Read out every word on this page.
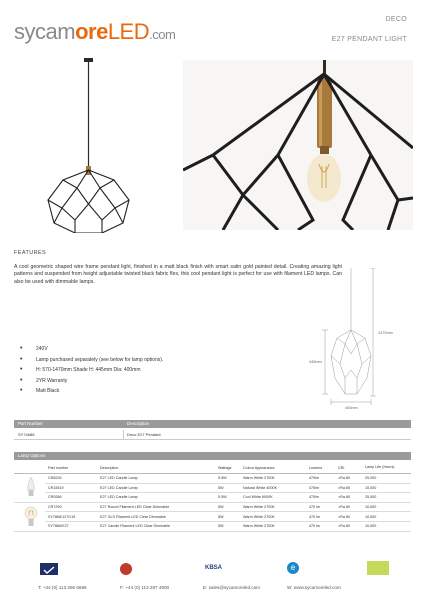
sycamoreLED.com
DECO
E27 PENDANT LIGHT
FEATURES
A cool geometric shaped wire frame pendant light, finished in a matt black finish with smart satin gold painted detail. Creating amazing light patterns and suspended from height adjustable twisted black fabric flex, this cool pendant light is perfect for use with filament LED lamps. Can also be used with dimmable lamps.
• 240V
• Lamp purchased separately (see below for lamp options).
• H: 570-1470mm Shade H: 445mm Dia: 400mm
• 2YR Warranty
• Matt Black
1470mm
445mm
400mm
Part Number	Description
SY74686	Deco E27 Pendant
Lamp Options
	Part number	Description	Wattage	Colour Appearance	Lumens	CRI	Lamp Life (Hours)
	CR8226	E27 LED Candle Lamp	5.5W	Warm White 2700K	470lm	>Ra 80	25,000
	CR15519	E27 LED Candle Lamp	5W	Natural White 4000K	470lm	>Ra 80	15,000
	CR9288	E27 LED Candle Lamp	5.5W	Cool White 6000K	470lm	>Ra 80	25,000
	CR7299	E27 Round Filament LED Clear Dimmable	5W	Warm White 2700K	470 lm	>Ra 80	10,000
	SY7866/127G15	E27 GLS Filament LED Clear Dimmable	5W	Warm White 2700K	470 lm	>Ra 80	10,000
	SY7866/E27	E27 Candle Filament LED Clear Dimmable	5W	Warm White 2700K	470 lm	>Ra 80	10,000
KBSA	e
T: +44 (0) 113 286 6686	F: +44 (0) 113 287 4900	E: sales@sycamoreled.com	W: www.sycamoreled.com
